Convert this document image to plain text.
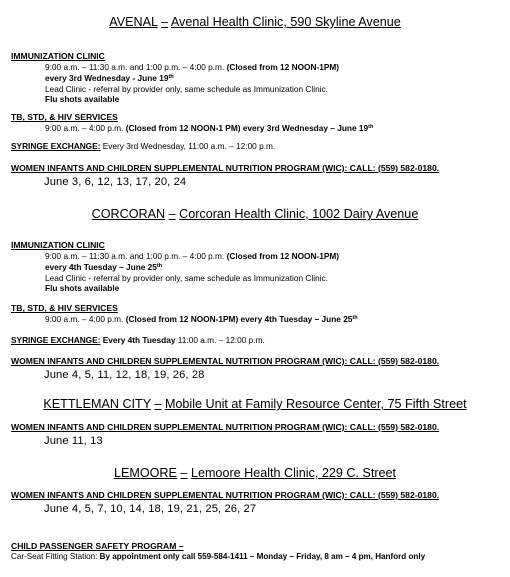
AVENAL – Avenal Health Clinic, 590 Skyline Avenue
IMMUNIZATION CLINIC
9:00 a.m. – 11:30 a.m. and 1:00 p.m. – 4:00 p.m. (Closed from 12 NOON-1PM)
every 3rd Wednesday - June 19th
Lead Clinic - referral by provider only, same schedule as Immunization Clinic.
Flu shots available
TB, STD, & HIV SERVICES
9:00 a.m. – 4:00 p.m. (Closed from 12 NOON-1 PM) every 3rd Wednesday – June 19th
SYRINGE EXCHANGE: Every 3rd Wednesday, 11:00 a.m. – 12:00 p.m.
WOMEN INFANTS AND CHILDREN SUPPLEMENTAL NUTRITION PROGRAM (WIC): CALL: (559) 582-0180.
June 3, 6, 12, 13, 17, 20, 24
CORCORAN – Corcoran Health Clinic, 1002 Dairy Avenue
IMMUNIZATION CLINIC
9:00 a.m. – 11:30 a.m. and 1:00 p.m. – 4:00 p.m. (Closed from 12 NOON-1PM)
every 4th Tuesday – June 25th
Lead Clinic - referral by provider only, same schedule as Immunization Clinic.
Flu shots available
TB, STD, & HIV SERVICES
9:00 a.m. – 4:00 p.m. (Closed from 12 NOON-1PM) every 4th Tuesday – June 25th
SYRINGE EXCHANGE: Every 4th Tuesday 11:00 a.m. – 12:00 p.m.
WOMEN INFANTS AND CHILDREN SUPPLEMENTAL NUTRITION PROGRAM (WIC): CALL: (559) 582-0180.
June 4, 5, 11, 12, 18, 19, 26, 28
KETTLEMAN CITY – Mobile Unit at Family Resource Center, 75 Fifth Street
WOMEN INFANTS AND CHILDREN SUPPLEMENTAL NUTRITION PROGRAM (WIC): CALL: (559) 582-0180.
June 11, 13
LEMOORE – Lemoore Health Clinic, 229 C. Street
WOMEN INFANTS AND CHILDREN SUPPLEMENTAL NUTRITION PROGRAM (WIC): CALL: (559) 582-0180.
June 4, 5, 7, 10, 14, 18, 19, 21, 25, 26, 27
CHILD PASSENGER SAFETY PROGRAM –
Car-Seat Fitting Station: By appointment only call 559-584-1411 – Monday – Friday, 8 am – 4 pm, Hanford only
